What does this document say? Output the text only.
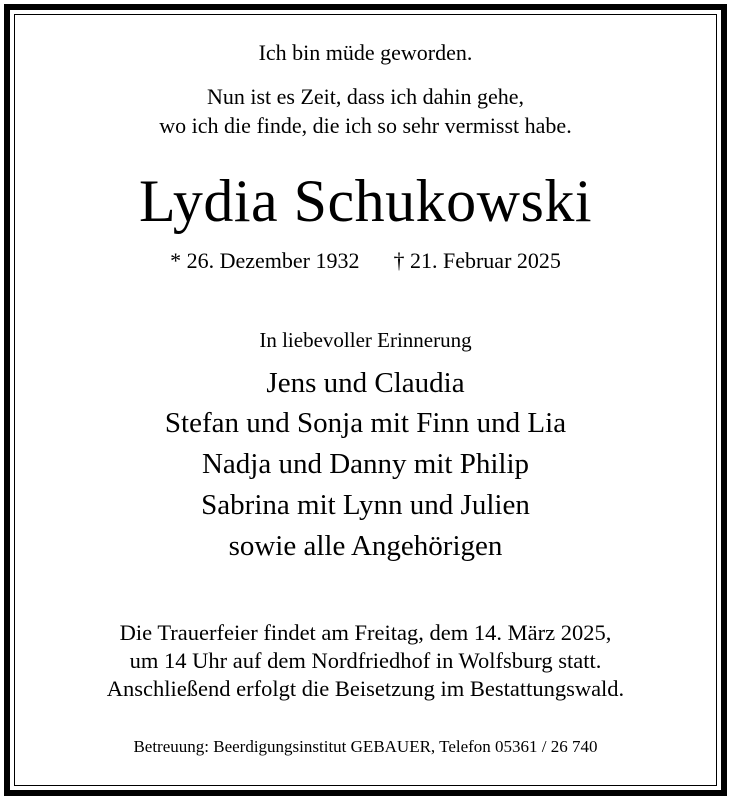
Ich bin müde geworden.
Nun ist es Zeit, dass ich dahin gehe,
wo ich die finde, die ich so sehr vermisst habe.
Lydia Schukowski
* 26. Dezember 1932 † 21. Februar 2025
In liebevoller Erinnerung
Jens und Claudia
Stefan und Sonja mit Finn und Lia
Nadja und Danny mit Philip
Sabrina mit Lynn und Julien
sowie alle Angehörigen
Die Trauerfeier findet am Freitag, dem 14. März 2025,
um 14 Uhr auf dem Nordfriedhof in Wolfsburg statt.
Anschließend erfolgt die Beisetzung im Bestattungswald.
Betreuung: Beerdigungsinstitut GEBAUER, Telefon 05361 / 26 740
